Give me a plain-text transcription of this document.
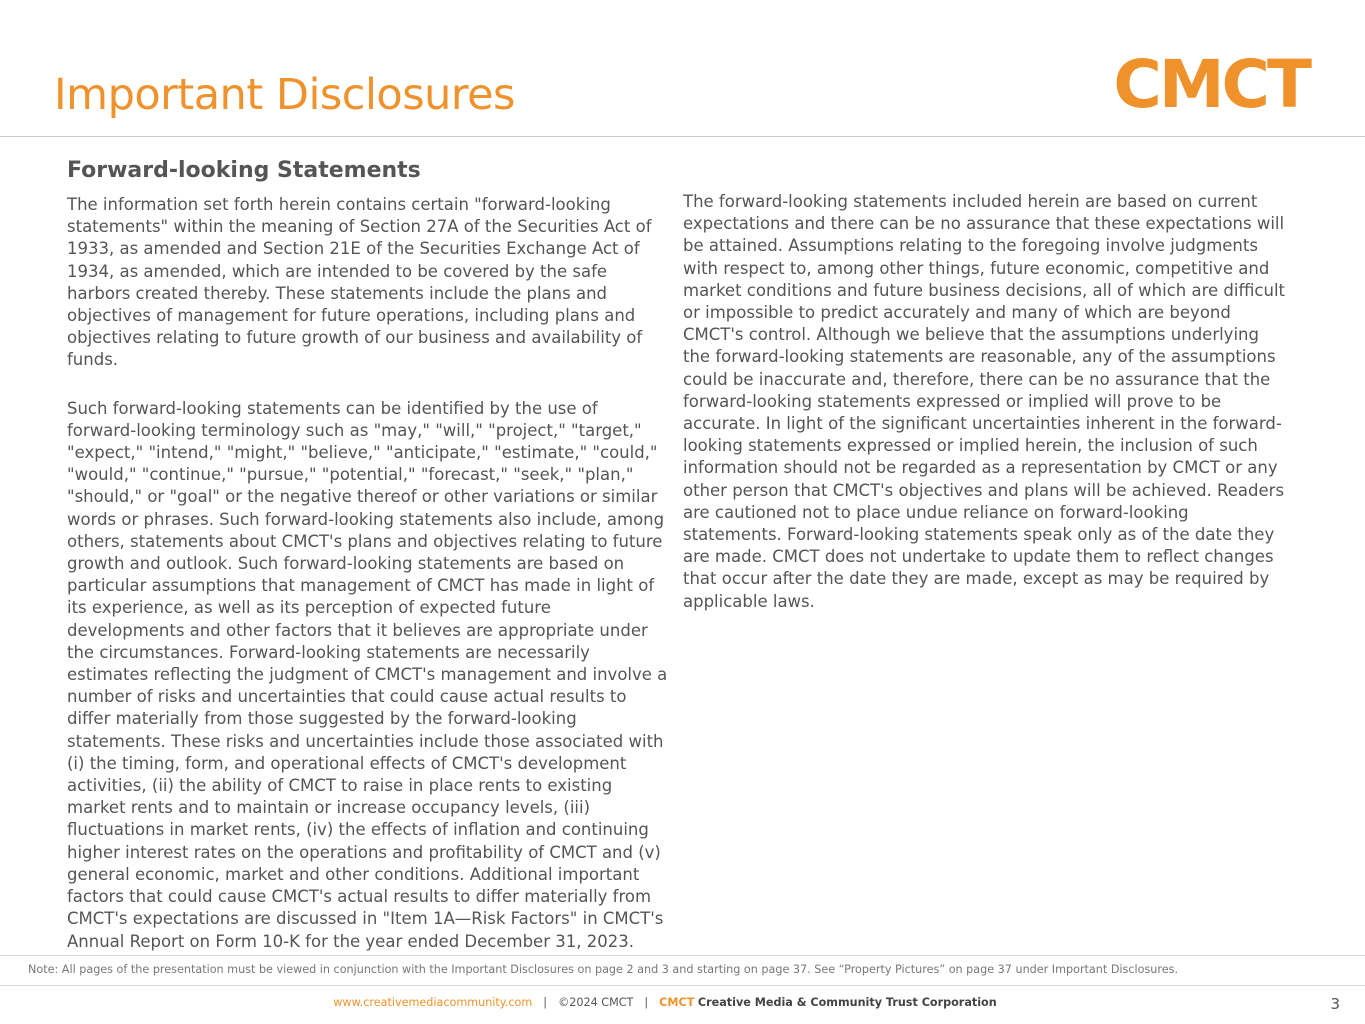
Important Disclosures	CMCT
Forward-looking Statements

The information set forth herein contains certain "forward-looking statements" within the meaning of Section 27A of the Securities Act of 1933, as amended and Section 21E of the Securities Exchange Act of 1934, as amended, which are intended to be covered by the safe harbors created thereby. These statements include the plans and objectives of management for future operations, including plans and objectives relating to future growth of our business and availability of funds.

Such forward-looking statements can be identified by the use of forward-looking terminology such as "may," "will," "project," "target," "expect," "intend," "might," "believe," "anticipate," "estimate," "could," "would," "continue," "pursue," "potential," "forecast," "seek," "plan," "should," or "goal" or the negative thereof or other variations or similar words or phrases. Such forward-looking statements also include, among others, statements about CMCT's plans and objectives relating to future growth and outlook. Such forward-looking statements are based on particular assumptions that management of CMCT has made in light of its experience, as well as its perception of expected future developments and other factors that it believes are appropriate under the circumstances. Forward-looking statements are necessarily estimates reflecting the judgment of CMCT's management and involve a number of risks and uncertainties that could cause actual results to differ materially from those suggested by the forward-looking statements. These risks and uncertainties include those associated with (i) the timing, form, and operational effects of CMCT's development activities, (ii) the ability of CMCT to raise in place rents to existing market rents and to maintain or increase occupancy levels, (iii) fluctuations in market rents, (iv) the effects of inflation and continuing higher interest rates on the operations and profitability of CMCT and (v) general economic, market and other conditions. Additional important factors that could cause CMCT's actual results to differ materially from CMCT's expectations are discussed in "Item 1A—Risk Factors" in CMCT's Annual Report on Form 10-K for the year ended December 31, 2023.

The forward-looking statements included herein are based on current expectations and there can be no assurance that these expectations will be attained. Assumptions relating to the foregoing involve judgments with respect to, among other things, future economic, competitive and market conditions and future business decisions, all of which are difficult or impossible to predict accurately and many of which are beyond CMCT's control. Although we believe that the assumptions underlying the forward-looking statements are reasonable, any of the assumptions could be inaccurate and, therefore, there can be no assurance that the forward-looking statements expressed or implied will prove to be accurate. In light of the significant uncertainties inherent in the forward-looking statements expressed or implied herein, the inclusion of such information should not be regarded as a representation by CMCT or any other person that CMCT's objectives and plans will be achieved. Readers are cautioned not to place undue reliance on forward-looking statements. Forward-looking statements speak only as of the date they are made. CMCT does not undertake to update them to reflect changes that occur after the date they are made, except as may be required by applicable laws.

Note: All pages of the presentation must be viewed in conjunction with the Important Disclosures on page 2 and 3 and starting on page 37. See “Property Pictures” on page 37 under Important Disclosures.
www.creativemediacommunity.com | ©2024 CMCT | CMCT Creative Media & Community Trust Corporation	3
